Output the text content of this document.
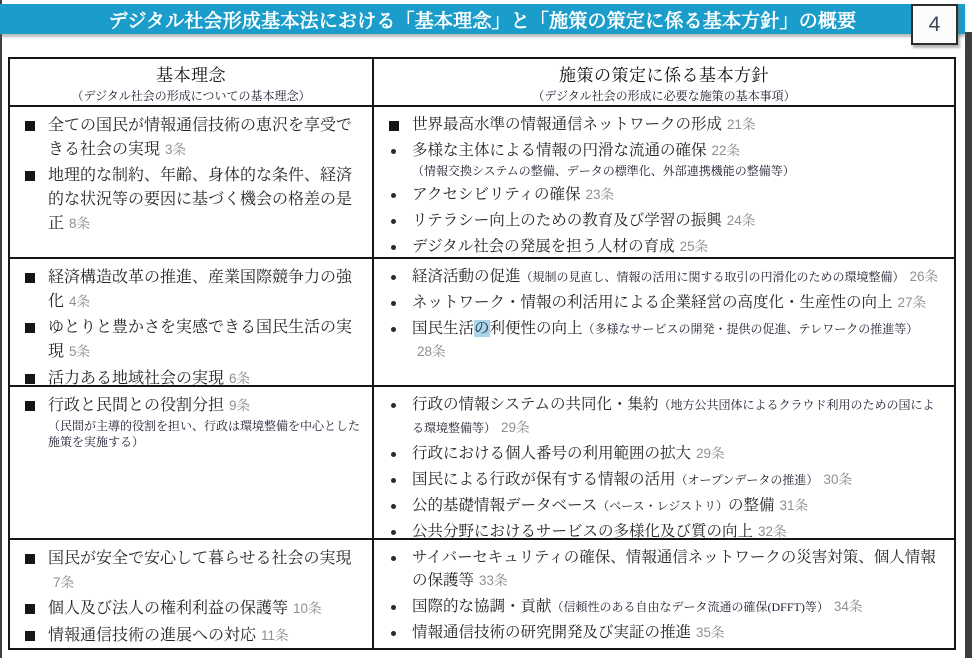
デジタル社会形成基本法における「基本理念」と「施策の策定に係る基本方針」の概要	4
基本理念
（デジタル社会の形成についての基本理念）
施策の策定に係る基本方針
（デジタル社会の形成に必要な施策の基本事項）
全ての国民が情報通信技術の恵沢を享受できる社会の実現 3条
地理的な制約、年齢、身体的な条件、経済的な状況等の要因に基づく機会の格差の是正 8条
世界最高水準の情報通信ネットワークの形成 21条
多様な主体による情報の円滑な流通の確保 22条
（情報交換システムの整備、データの標準化、外部連携機能の整備等）
アクセシビリティの確保 23条
リテラシー向上のための教育及び学習の振興 24条
デジタル社会の発展を担う人材の育成 25条
経済構造改革の推進、産業国際競争力の強化 4条
ゆとりと豊かさを実感できる国民生活の実現 5条
活力ある地域社会の実現 6条
経済活動の促進（規制の見直し、情報の活用に関する取引の円滑化のための環境整備） 26条
ネットワーク・情報の利活用による企業経営の高度化・生産性の向上 27条
国民生活の利便性の向上（多様なサービスの開発・提供の促進、テレワークの推進等）28条
行政と民間との役割分担 9条
（民間が主導的役割を担い、行政は環境整備を中心とした施策を実施する）
行政の情報システムの共同化・集約（地方公共団体によるクラウド利用のための国による環境整備等） 29条
行政における個人番号の利用範囲の拡大 29条
国民による行政が保有する情報の活用（オープンデータの推進） 30条
公的基礎情報データベース（ベース・レジストリ）の整備 31条
公共分野におけるサービスの多様化及び質の向上 32条
国民が安全で安心して暮らせる社会の実現7条
個人及び法人の権利利益の保護等 10条
情報通信技術の進展への対応 11条
サイバーセキュリティの確保、情報通信ネットワークの災害対策、個人情報の保護等 33条
国際的な協調・貢献（信頼性のある自由なデータ流通の確保(DFFT)等） 34条
情報通信技術の研究開発及び実証の推進 35条
